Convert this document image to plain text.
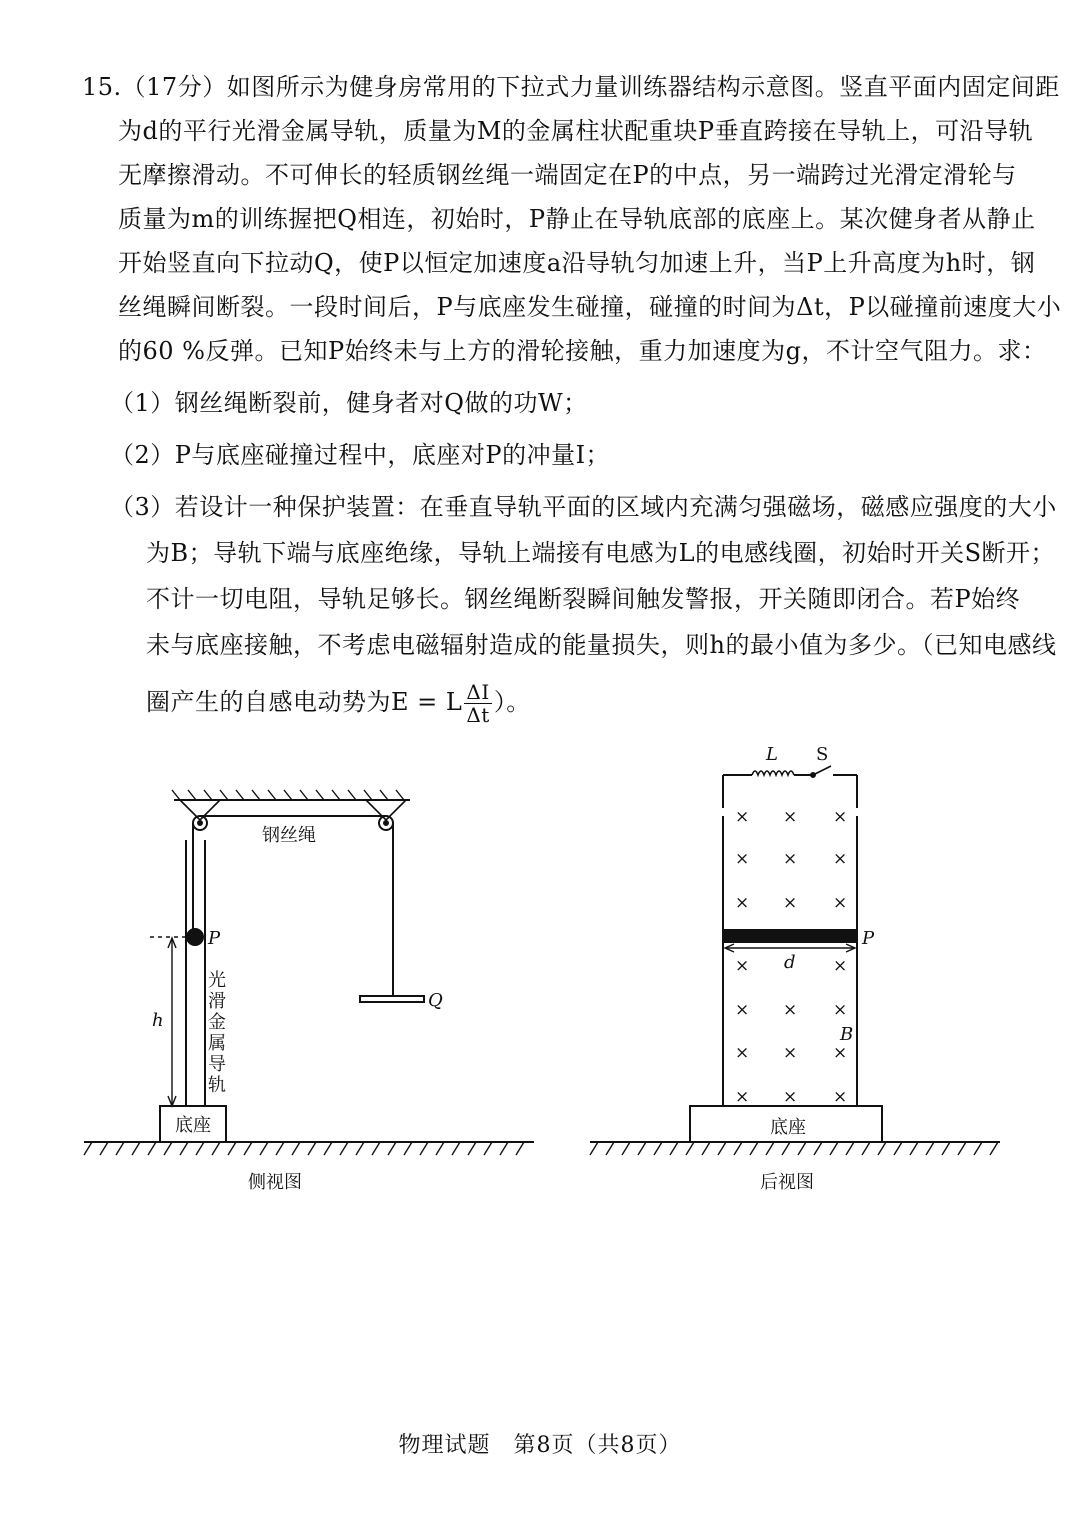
15.（17分）如图所示为健身房常用的下拉式力量训练器结构示意图。竖直平面内固定间距
为d的平行光滑金属导轨，质量为M的金属柱状配重块P垂直跨接在导轨上，可沿导轨
无摩擦滑动。不可伸长的轻质钢丝绳一端固定在P的中点，另一端跨过光滑定滑轮与
质量为m的训练握把Q相连，初始时，P静止在导轨底部的底座上。某次健身者从静止
开始竖直向下拉动Q，使P以恒定加速度a沿导轨匀加速上升，当P上升高度为h时，钢
丝绳瞬间断裂。一段时间后，P与底座发生碰撞，碰撞的时间为Δt，P以碰撞前速度大小
的60 %反弹。已知P始终未与上方的滑轮接触，重力加速度为g，不计空气阻力。求：
（1）钢丝绳断裂前，健身者对Q做的功W；
（2）P与底座碰撞过程中，底座对P的冲量I；
（3）若设计一种保护装置：在垂直导轨平面的区域内充满匀强磁场，磁感应强度的大小
为B；导轨下端与底座绝缘，导轨上端接有电感为L的电感线圈，初始时开关S断开；
不计一切电阻，导轨足够长。钢丝绳断裂瞬间触发警报，开关随即闭合。若P始终
未与底座接触，不考虑电磁辐射造成的能量损失，则h的最小值为多少。（已知电感线
圈产生的自感电动势为E = L $\frac{\Delta I}{\Delta t}$ ）。
钢丝绳
P
h
Q
光
滑
金
属
导
轨
底座
侧视图
L S
P
d
B
底座
后视图
× × ×
× × ×
× × ×
×	×
× × ×
× × ×
× × ×
物理试题　第8页（共8页）
